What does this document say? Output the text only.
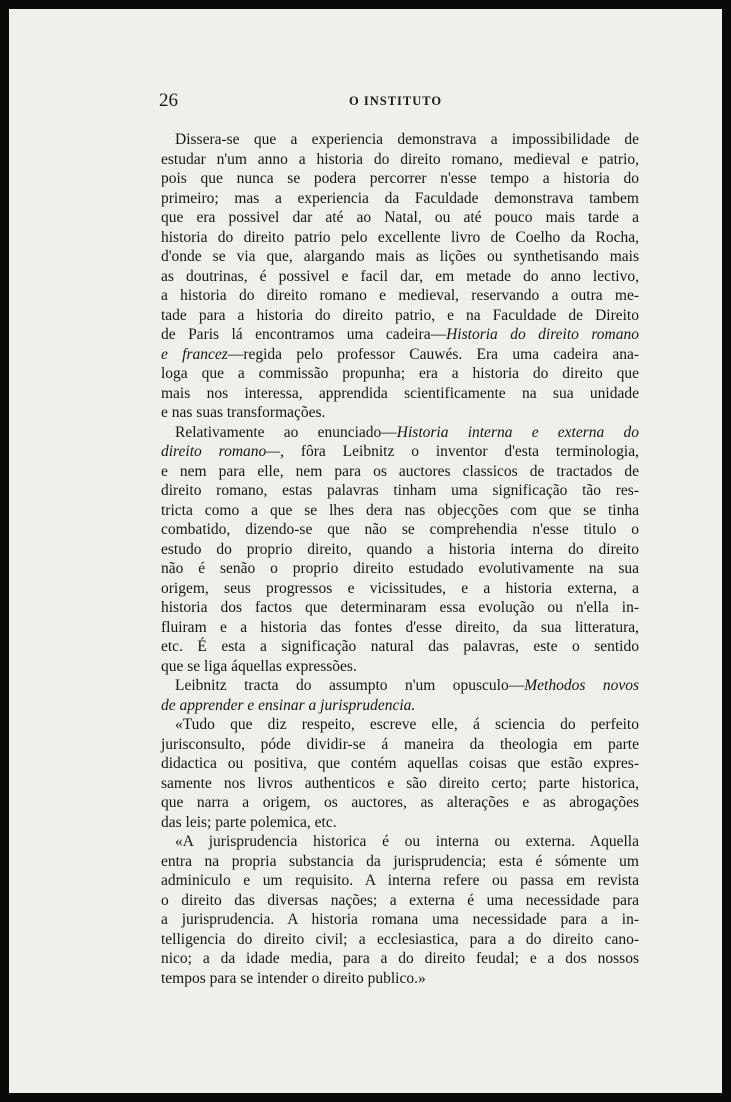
26	O INSTITUTO
Dissera-se que a experiencia demonstrava a impossibilidade de
estudar n'um anno a historia do direito romano, medieval e patrio,
pois que nunca se podera percorrer n'esse tempo a historia do
primeiro; mas a experiencia da Faculdade demonstrava tambem
que era possivel dar até ao Natal, ou até pouco mais tarde a
historia do direito patrio pelo excellente livro de Coelho da Rocha,
d'onde se via que, alargando mais as lições ou synthetisando mais
as doutrinas, é possivel e facil dar, em metade do anno lectivo,
a historia do direito romano e medieval, reservando a outra me-
tade para a historia do direito patrio, e na Faculdade de Direito
de Paris lá encontramos uma cadeira—Historia do direito romano
e francez—regida pelo professor Cauwés. Era uma cadeira ana-
loga que a commissão propunha; era a historia do direito que
mais nos interessa, apprendida scientificamente na sua unidade
e nas suas transformações.
Relativamente ao enunciado—Historia interna e externa do
direito romano—, fôra Leibnitz o inventor d'esta terminologia,
e nem para elle, nem para os auctores classicos de tractados de
direito romano, estas palavras tinham uma significação tão res-
tricta como a que se lhes dera nas objecções com que se tinha
combatido, dizendo-se que não se comprehendia n'esse titulo o
estudo do proprio direito, quando a historia interna do direito
não é senão o proprio direito estudado evolutivamente na sua
origem, seus progressos e vicissitudes, e a historia externa, a
historia dos factos que determinaram essa evolução ou n'ella in-
fluiram e a historia das fontes d'esse direito, da sua litteratura,
etc. É esta a significação natural das palavras, este o sentido
que se liga áquellas expressões.
Leibnitz tracta do assumpto n'um opusculo—Methodos novos
de apprender e ensinar a jurisprudencia.
«Tudo que diz respeito, escreve elle, á sciencia do perfeito
jurisconsulto, póde dividir-se á maneira da theologia em parte
didactica ou positiva, que contém aquellas coisas que estão expres-
samente nos livros authenticos e são direito certo; parte historica,
que narra a origem, os auctores, as alterações e as abrogações
das leis; parte polemica, etc.
«A jurisprudencia historica é ou interna ou externa. Aquella
entra na propria substancia da jurisprudencia; esta é sómente um
adminiculo e um requisito. A interna refere ou passa em revista
o direito das diversas nações; a externa é uma necessidade para
a jurisprudencia. A historia romana uma necessidade para a in-
telligencia do direito civil; a ecclesiastica, para a do direito cano-
nico; a da idade media, para a do direito feudal; e a dos nossos
tempos para se intender o direito publico.»
